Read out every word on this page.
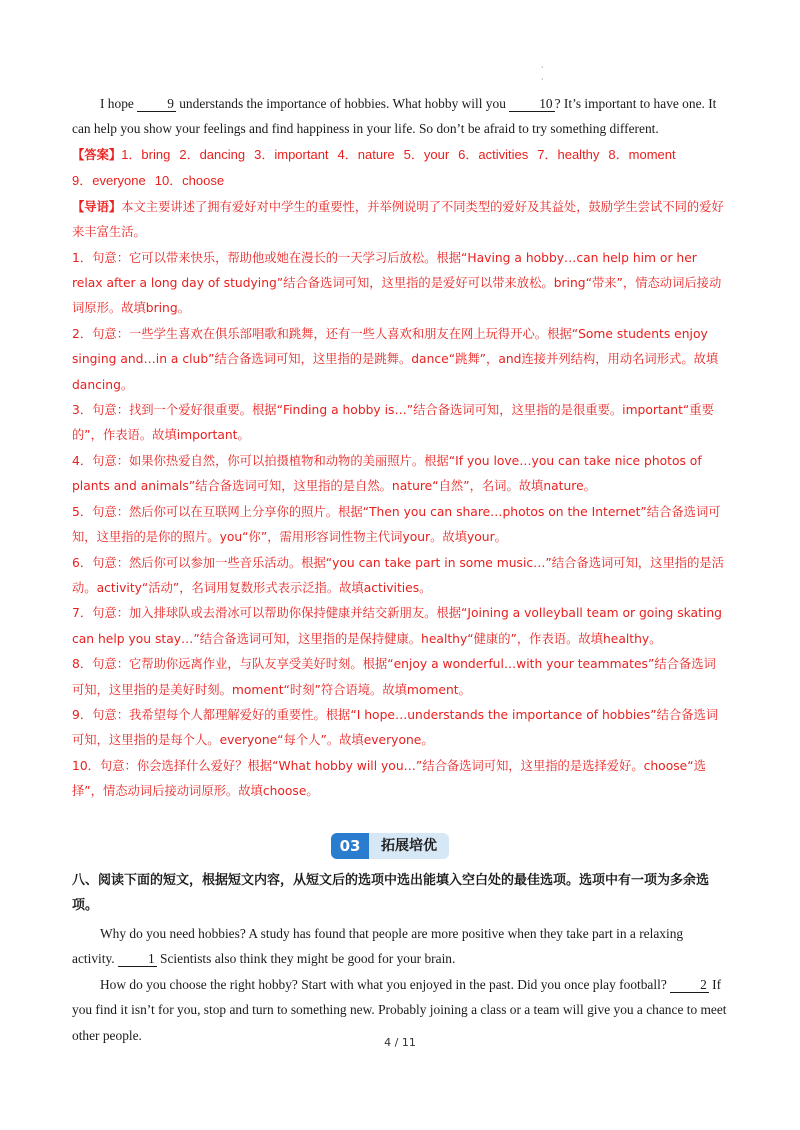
·
·

I hope 9 understands the importance of hobbies. What hobby will you 10 ? It’s important to have one. It can help you show your feelings and find happiness in your life. So don’t be afraid to try something different.

【答案】1．bring 2．dancing 3．important 4．nature 5．your 6．activities 7．healthy 8．moment
9．everyone 10．choose

【导语】本文主要讲述了拥有爱好对中学生的重要性，并举例说明了不同类型的爱好及其益处，鼓励学生尝试不同的爱好来丰富生活。

1．句意：它可以带来快乐，帮助他或她在漫长的一天学习后放松。根据“Having a hobby…can help him or her relax after a long day of studying”结合备选词可知，这里指的是爱好可以带来放松。bring“带来”，情态动词后接动词原形。故填bring。

2．句意：一些学生喜欢在俱乐部唱歌和跳舞，还有一些人喜欢和朋友在网上玩得开心。根据“Some students enjoy singing and…in a club”结合备选词可知，这里指的是跳舞。dance“跳舞”，and连接并列结构，用动名词形式。故填dancing。

3．句意：找到一个爱好很重要。根据“Finding a hobby is…”结合备选词可知，这里指的是很重要。important“重要的”，作表语。故填important。

4．句意：如果你热爱自然，你可以拍摄植物和动物的美丽照片。根据“If you love…you can take nice photos of plants and animals”结合备选词可知，这里指的是自然。nature“自然”，名词。故填nature。

5．句意：然后你可以在互联网上分享你的照片。根据“Then you can share…photos on the Internet”结合备选词可知，这里指的是你的照片。you“你”，需用形容词性物主代词your。故填your。

6．句意：然后你可以参加一些音乐活动。根据“you can take part in some music…”结合备选词可知，这里指的是活动。activity“活动”，名词用复数形式表示泛指。故填activities。

7．句意：加入排球队或去滑冰可以帮助你保持健康并结交新朋友。根据“Joining a volleyball team or going skating can help you stay…”结合备选词可知，这里指的是保持健康。healthy“健康的”，作表语。故填healthy。

8．句意：它帮助你远离作业，与队友享受美好时刻。根据“enjoy a wonderful…with your teammates”结合备选词可知，这里指的是美好时刻。moment“时刻”符合语境。故填moment。

9．句意：我希望每个人都理解爱好的重要性。根据“I hope…understands the importance of hobbies”结合备选词可知，这里指的是每个人。everyone“每个人”。故填everyone。

10．句意：你会选择什么爱好？根据“What hobby will you…”结合备选词可知，这里指的是选择爱好。choose“选择”，情态动词后接动词原形。故填choose。

03	拓展培优

八、阅读下面的短文，根据短文内容，从短文后的选项中选出能填入空白处的最佳选项。选项中有一项为多余选项。

Why do you need hobbies? A study has found that people are more positive when they take part in a relaxing activity. 1 Scientists also think they might be good for your brain.

How do you choose the right hobby? Start with what you enjoyed in the past. Did you once play football? 2 If you find it isn’t for you, stop and turn to something new. Probably joining a class or a team will give you a chance to meet other people.	4 / 11
